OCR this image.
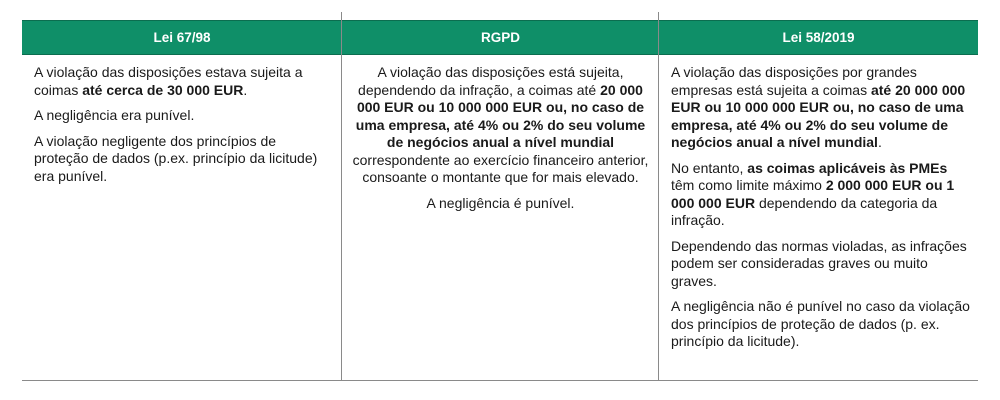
Lei 67/98	RGPD	Lei 58/2019

A violação das disposições estava sujeita a coimas até cerca de 30 000 EUR.

A negligência era punível.

A violação negligente dos princípios de proteção de dados (p.ex. princípio da licitude) era punível.

A violação das disposições está sujeita, dependendo da infração, a coimas até 20 000 000 EUR ou 10 000 000 EUR ou, no caso de uma empresa, até 4% ou 2% do seu volume de negócios anual a nível mundial correspondente ao exercício financeiro anterior, consoante o montante que for mais elevado.

A negligência é punível.

A violação das disposições por grandes empresas está sujeita a coimas até 20 000 000 EUR ou 10 000 000 EUR ou, no caso de uma empresa, até 4% ou 2% do seu volume de negócios anual a nível mundial.

No entanto, as coimas aplicáveis às PMEs têm como limite máximo 2 000 000 EUR ou 1 000 000 EUR dependendo da categoria da infração.

Dependendo das normas violadas, as infrações podem ser consideradas graves ou muito graves.

A negligência não é punível no caso da violação dos princípios de proteção de dados (p. ex. princípio da licitude).
